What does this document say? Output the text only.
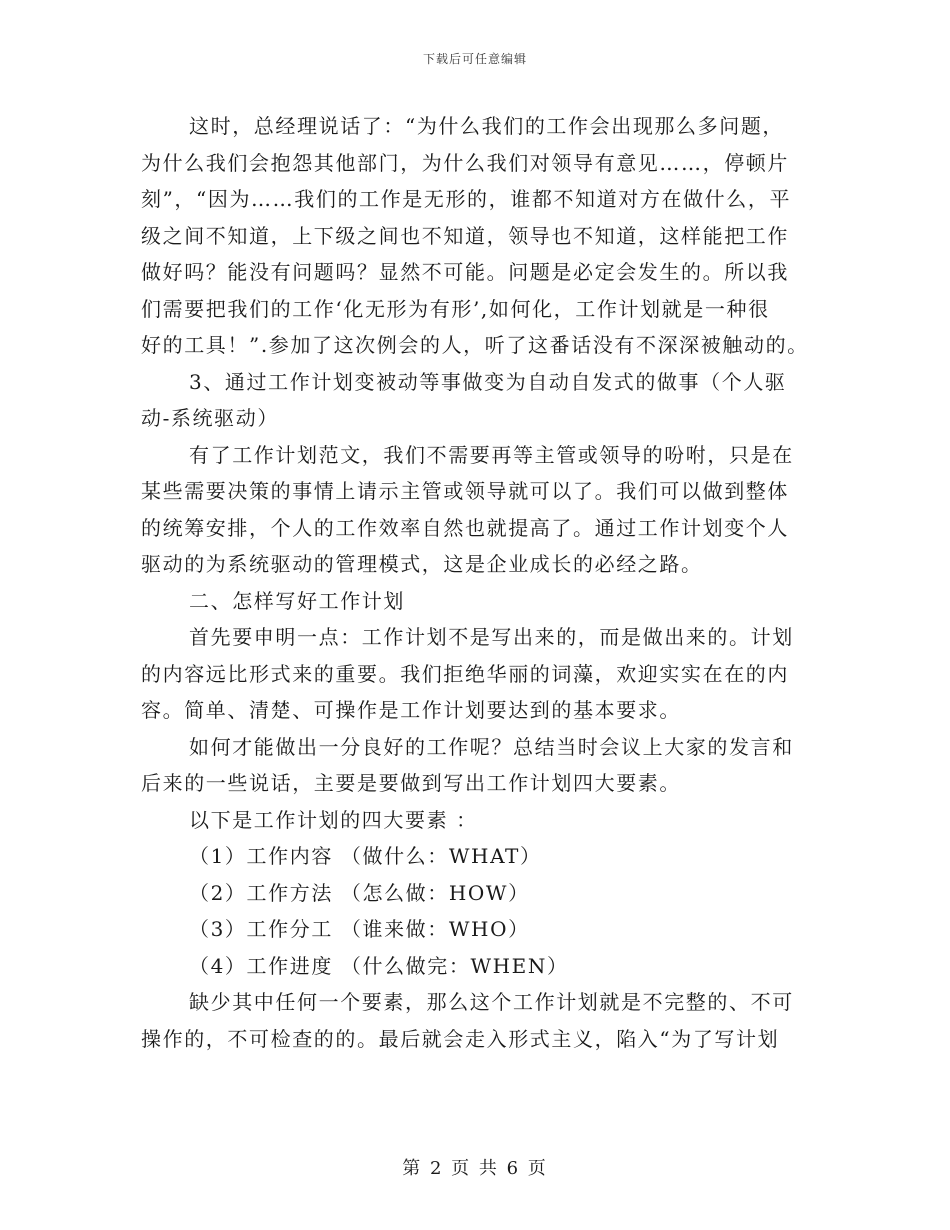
下载后可任意编辑
这时，总经理说话了：“为什么我们的工作会出现那么多问题，
为什么我们会抱怨其他部门，为什么我们对领导有意见……，停顿片
刻”，“因为……我们的工作是无形的，谁都不知道对方在做什么，平
级之间不知道，上下级之间也不知道，领导也不知道，这样能把工作
做好吗？能没有问题吗？显然不可能。问题是必定会发生的。所以我
们需要把我们的工作‘化无形为有形’,如何化，工作计划就是一种很
好的工具！”.参加了这次例会的人，听了这番话没有不深深被触动的。
3、通过工作计划变被动等事做变为自动自发式的做事（个人驱
动-系统驱动）
有了工作计划范文，我们不需要再等主管或领导的吩咐，只是在
某些需要决策的事情上请示主管或领导就可以了。我们可以做到整体
的统筹安排，个人的工作效率自然也就提高了。通过工作计划变个人
驱动的为系统驱动的管理模式，这是企业成长的必经之路。
二、怎样写好工作计划
首先要申明一点：工作计划不是写出来的，而是做出来的。计划
的内容远比形式来的重要。我们拒绝华丽的词藻，欢迎实实在在的内
容。简单、清楚、可操作是工作计划要达到的基本要求。
如何才能做出一分良好的工作呢？总结当时会议上大家的发言和
后来的一些说话，主要是要做到写出工作计划四大要素。
以下是工作计划的四大要素 ：
（1）工作内容 （做什么：WHAT）
（2）工作方法 （怎么做：HOW）
（3）工作分工 （谁来做：WHO）
（4）工作进度 （什么做完：WHEN）
缺少其中任何一个要素，那么这个工作计划就是不完整的、不可
操作的，不可检查的的。最后就会走入形式主义，陷入“为了写计划
第 2 页 共 6 页
